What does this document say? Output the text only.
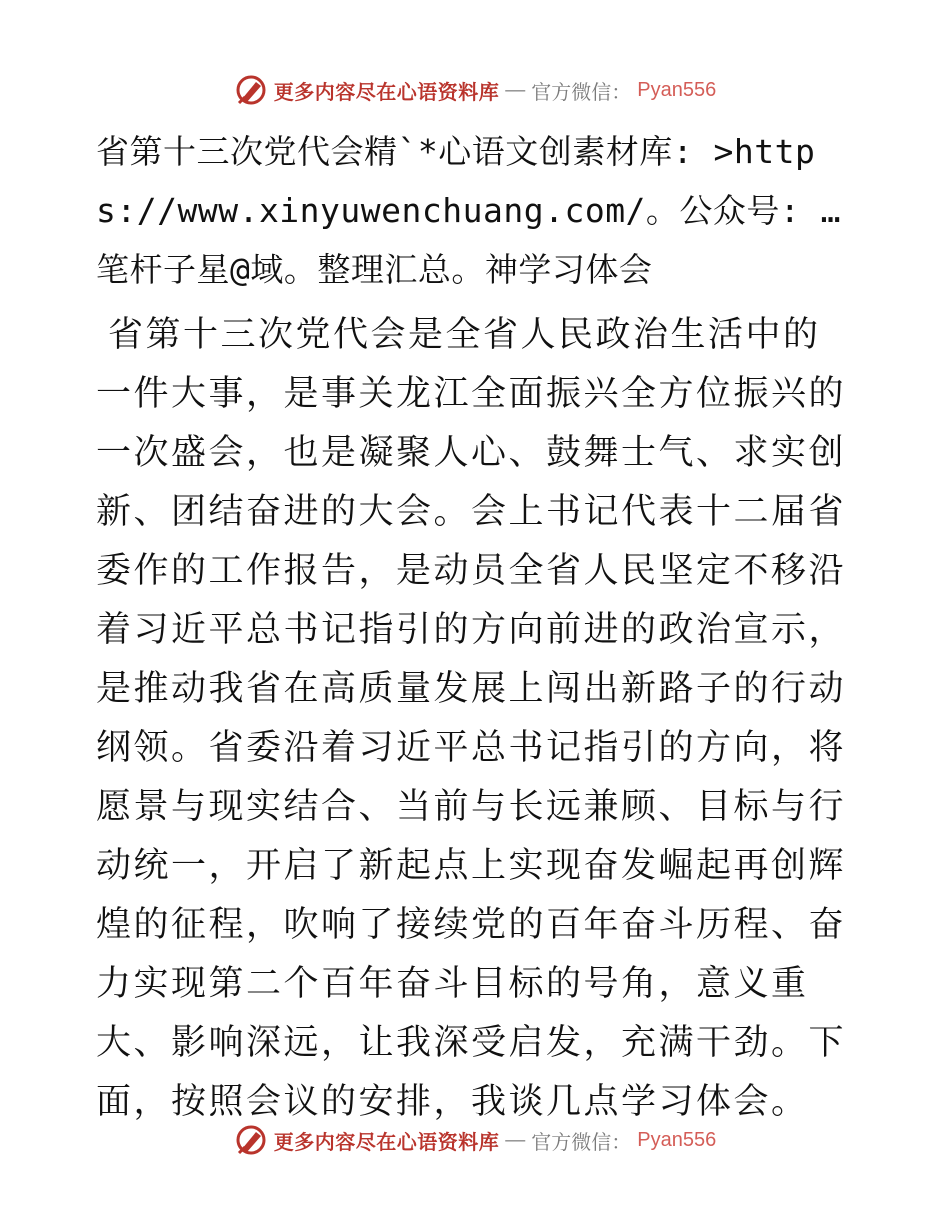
更多内容尽在心语资料库 — 官方微信： Pyan556
省第十三次党代会精`*心语文创素材库: >https://www.xinyuwenchuang.com/。公众号: …笔杆子星@域。整理汇总。神学习体会

省第十三次党代会是全省人民政治生活中的一件大事，是事关龙江全面振兴全方位振兴的一次盛会，也是凝聚人心、鼓舞士气、求实创新、团结奋进的大会。会上书记代表十二届省委作的工作报告，是动员全省人民坚定不移沿着习近平总书记指引的方向前进的政治宣示，是推动我省在高质量发展上闯出新路子的行动纲领。省委沿着习近平总书记指引的方向，将愿景与现实结合、当前与长远兼顾、目标与行动统一，开启了新起点上实现奋发崛起再创辉煌的征程，吹响了接续党的百年奋斗历程、奋力实现第二个百年奋斗目标的号角，意义重大、影响深远，让我深受启发，充满干劲。下面，按照会议的安排，我谈几点学习体会。

更多内容尽在心语资料库 — 官方微信： Pyan556
